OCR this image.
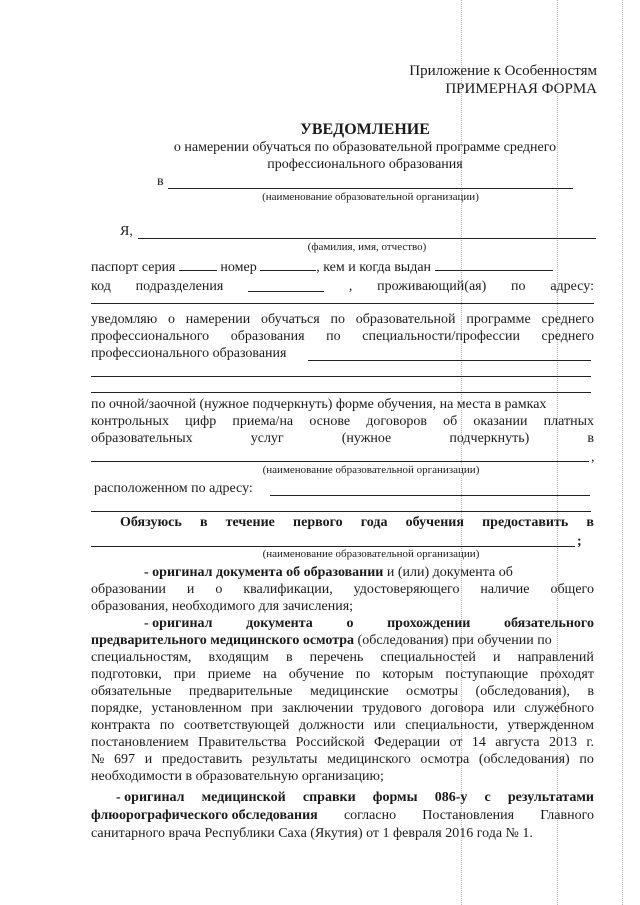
Приложение к Особенностям
ПРИМЕРНАЯ ФОРМА
УВЕДОМЛЕНИЕ
о намерении обучаться по образовательной программе среднего
профессионального образования
в
(наименование образовательной организации)
Я,
(фамилия, имя, отчество)
паспорт серия	номер	, кем и когда выдан
код подразделения	, проживающий(ая) по адресу:
уведомляю о намерении обучаться по образовательной программе среднего
профессионального образования по специальности/профессии среднего
профессионального образования
по очной/заочной (нужное подчеркнуть) форме обучения, на места в рамках
контрольных цифр приема/на основе договоров об оказании платных
образовательных	услуг	(нужное	подчеркнуть)	в
,
(наименование образовательной организации)
расположенном по адресу:
Обязуюсь в течение первого года обучения предоставить в
;
(наименование образовательной организации)
- оригинал документа об образовании и (или) документа об
образовании и о квалификации, удостоверяющего наличие общего
образования, необходимого для зачисления;
- оригинал документа о прохождении обязательного
предварительного медицинского осмотра (обследования) при обучении по
специальностям, входящим в перечень специальностей и направлений
подготовки, при приеме на обучение по которым поступающие проходят
обязательные предварительные медицинские осмотры (обследования), в
порядке, установленном при заключении трудового договора или служебного
контракта по соответствующей должности или специальности, утвержденном
постановлением Правительства Российской Федерации от 14 августа 2013 г.
№ 697 и предоставить результаты медицинского осмотра (обследования) по
необходимости в образовательную организацию;
- оригинал медицинской справки формы 086-у с результатами
флюорографического обследования согласно Постановления Главного
санитарного врача Республики Саха (Якутия) от 1 февраля 2016 года № 1.
